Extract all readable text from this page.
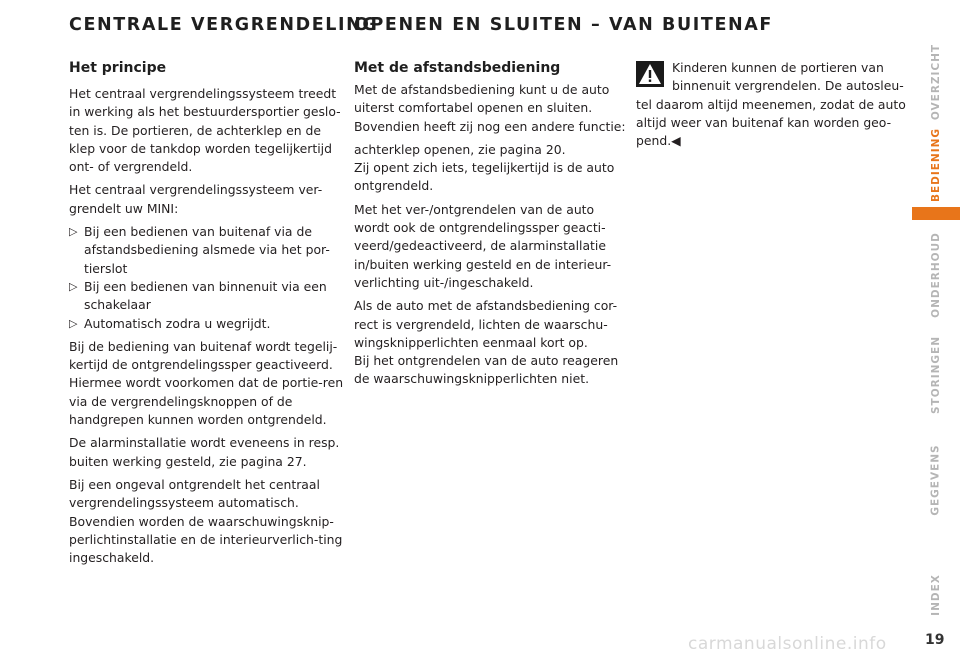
CENTRALE VERGRENDELING
OPENEN EN SLUITEN – VAN BUITENAF
Het principe

Het centraal vergrendelingssysteem treedt in werking als het bestuurdersportier geslo-ten is. De portieren, de achterklep en de klep voor de tankdop worden tegelijkertijd ont- of vergrendeld.

Het centraal vergrendelingssysteem ver-grendelt uw MINI:

▷ Bij een bedienen van buitenaf via de afstandsbediening alsmede via het por-tierslot

▷ Bij een bedienen van binnenuit via een schakelaar

▷ Automatisch zodra u wegrijdt.

Bij de bediening van buitenaf wordt tegelij-kertijd de ontgrendelingssper geactiveerd. Hiermee wordt voorkomen dat de portie-ren via de vergrendelingsknoppen of de handgrepen kunnen worden ontgrendeld.

De alarminstallatie wordt eveneens in resp. buiten werking gesteld, zie pagina 27.

Bij een ongeval ontgrendelt het centraal vergrendelingssysteem automatisch. Bovendien worden de waarschuwingsknip-perlichtinstallatie en de interieurverlich-ting ingeschakeld.

Met de afstandsbediening

Met de afstandsbediening kunt u de auto uiterst comfortabel openen en sluiten. Bovendien heeft zij nog een andere functie:

achterklep openen, zie pagina 20.

Zij opent zich iets, tegelijkertijd is de auto ontgrendeld.

Met het ver-/ontgrendelen van de auto wordt ook de ontgrendelingssper geacti-veerd/gedeactiveerd, de alarminstallatie in/buiten werking gesteld en de interieur-verlichting uit-/ingeschakeld.

Als de auto met de afstandsbediening cor-rect is vergrendeld, lichten de waarschu-wingsknipperlichten eenmaal kort op.

Bij het ontgrendelen van de auto reageren de waarschuwingsknipperlichten niet.

Kinderen kunnen de portieren van binnenuit vergrendelen. De autosleu-tel daarom altijd meenemen, zodat de auto altijd weer van buitenaf kan worden geo-pend.◀

OVERZICHT
BEDIENING
ONDERHOUD
STORINGEN
GEGEVENS
INDEX
19
carmanualsonline.info
